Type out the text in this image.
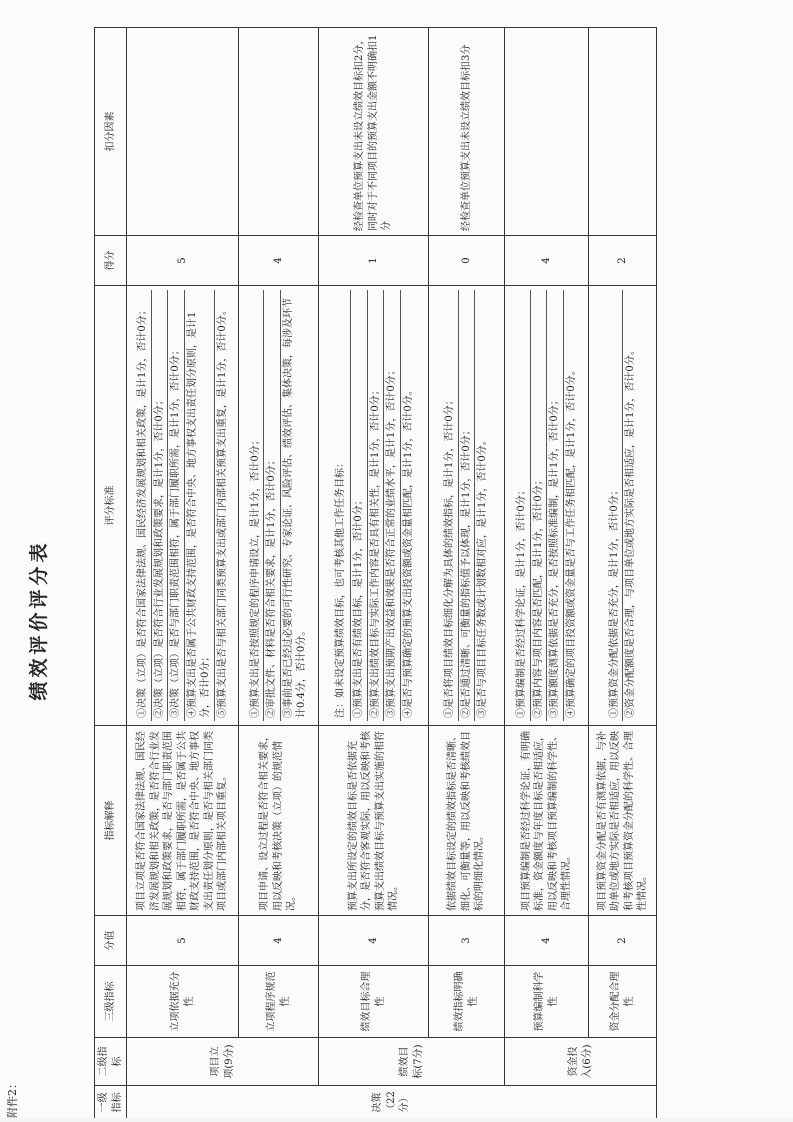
附件2：
绩效评价评分表
一级指标	二级指标	三级指标	分值	指标解释	评分标准	得分	扣分因素
决策（22分）	项目立项(9分)	立项依据充分性	5	项目立项是否符合国家法律法规、国民经济发展规划和相关政策，是否符合行业发展规划和政策要求，是否与部门职责范围相符，属于部门履职所需，是否属于公共财政支持范围，是否符合中央、地方事权支出责任划分原则，是否与相关部门同类项目或部门内部相关项目重复。	①决策（立项）是否符合国家法律法规、国民经济发展规划和相关政策，是计1分，否计0分； ②决策（立项）是否符合行业发展规划和政策要求，是计1分，否计0分； ③决策（立项）是否与部门职责范围相符，属于部门履职所需，是计1分，否计0分； ④预算支出是否属于公共财政支持范围，是否符合中央、地方事权支出责任划分原则，是计1分，否计0分； ⑤预算支出是否与相关部门同类预算支出或部门内部相关预算支出重复，是计1分，否计0分。	5	
		立项程序规范性	4	项目申请、设立过程是否符合相关要求，用以反映和考核决策（立项）的规范情况。	①预算支出是否按照规定的程序申请设立，是计1分，否计0分； ②审批文件、材料是否符合相关要求，是计1分，否计0分； ③事前是否已经过必要的可行性研究、专家论证、风险评估、绩效评估、集体决策，每涉及环节计0.4分，否计0分。	4	
	绩效目标(7分)	绩效目标合理性	4	预算支出所设定的绩效目标是否依据充分，是否符合客观实际，用以反映和考核预算支出绩效目标与预算支出实施的相符情况。	注：如未设定预算绩效目标，也可考核其他工作任务目标： ①预算支出是否有绩效目标，是计1分，否计0分； ②预算支出绩效目标与实际工作内容是否具有相关性，是计1分，否计0分； ③预算支出预期产出效益和效果是否符合正常的业绩水平，是计1分，否计0分； ④是否与预算确定的预算支出投资额或资金量相匹配，是计1分，否计0分。	1	经检查单位预算支出未设立绩效目标扣2分，同时对于不同项目的预算支出金额不明确扣1分
		绩效指标明确性	3	依据绩效目标设定的绩效指标是否清晰、细化、可衡量等，用以反映和考核绩效目标的明细化情况。	①是否将项目绩效目标细化分解为具体的绩效指标，是计1分，否计0分； ②是否通过清晰、可衡量的指标值予以体现，是计1分，否计0分； ③是否与项目目标任务数或计划数相对应，是计1分，否计0分。	0	经检查单位预算支出未设立绩效目标扣3分
	资金投入(6分)	预算编制科学性	4	项目预算编制是否经过科学论证，有明确标准，资金额度与年度目标是否相适应，用以反映和考核项目预算编制的科学性、合理性情况。	①预算编制是否经过科学论证，是计1分，否计0分； ②预算内容与项目内容是否匹配，是计1分，否计0分； ③预算额度测算依据是否充分，是否按照标准编制，是计1分，否计0分； ④预算确定的项目投资额或资金量是否与工作任务相匹配，是计1分，否计0分。	4	
		资金分配合理性	2	项目预算资金分配是否有测算依据，与补助单位或地方实际是否相适应，用以反映和考核项目预算资金分配的科学性、合理性情况。	①预算资金分配依据是否充分，是计1分，否计0分； ②资金分配额度是否合理，与项目单位或地方实际是否相适应，是计1分，否计0分。	2	
